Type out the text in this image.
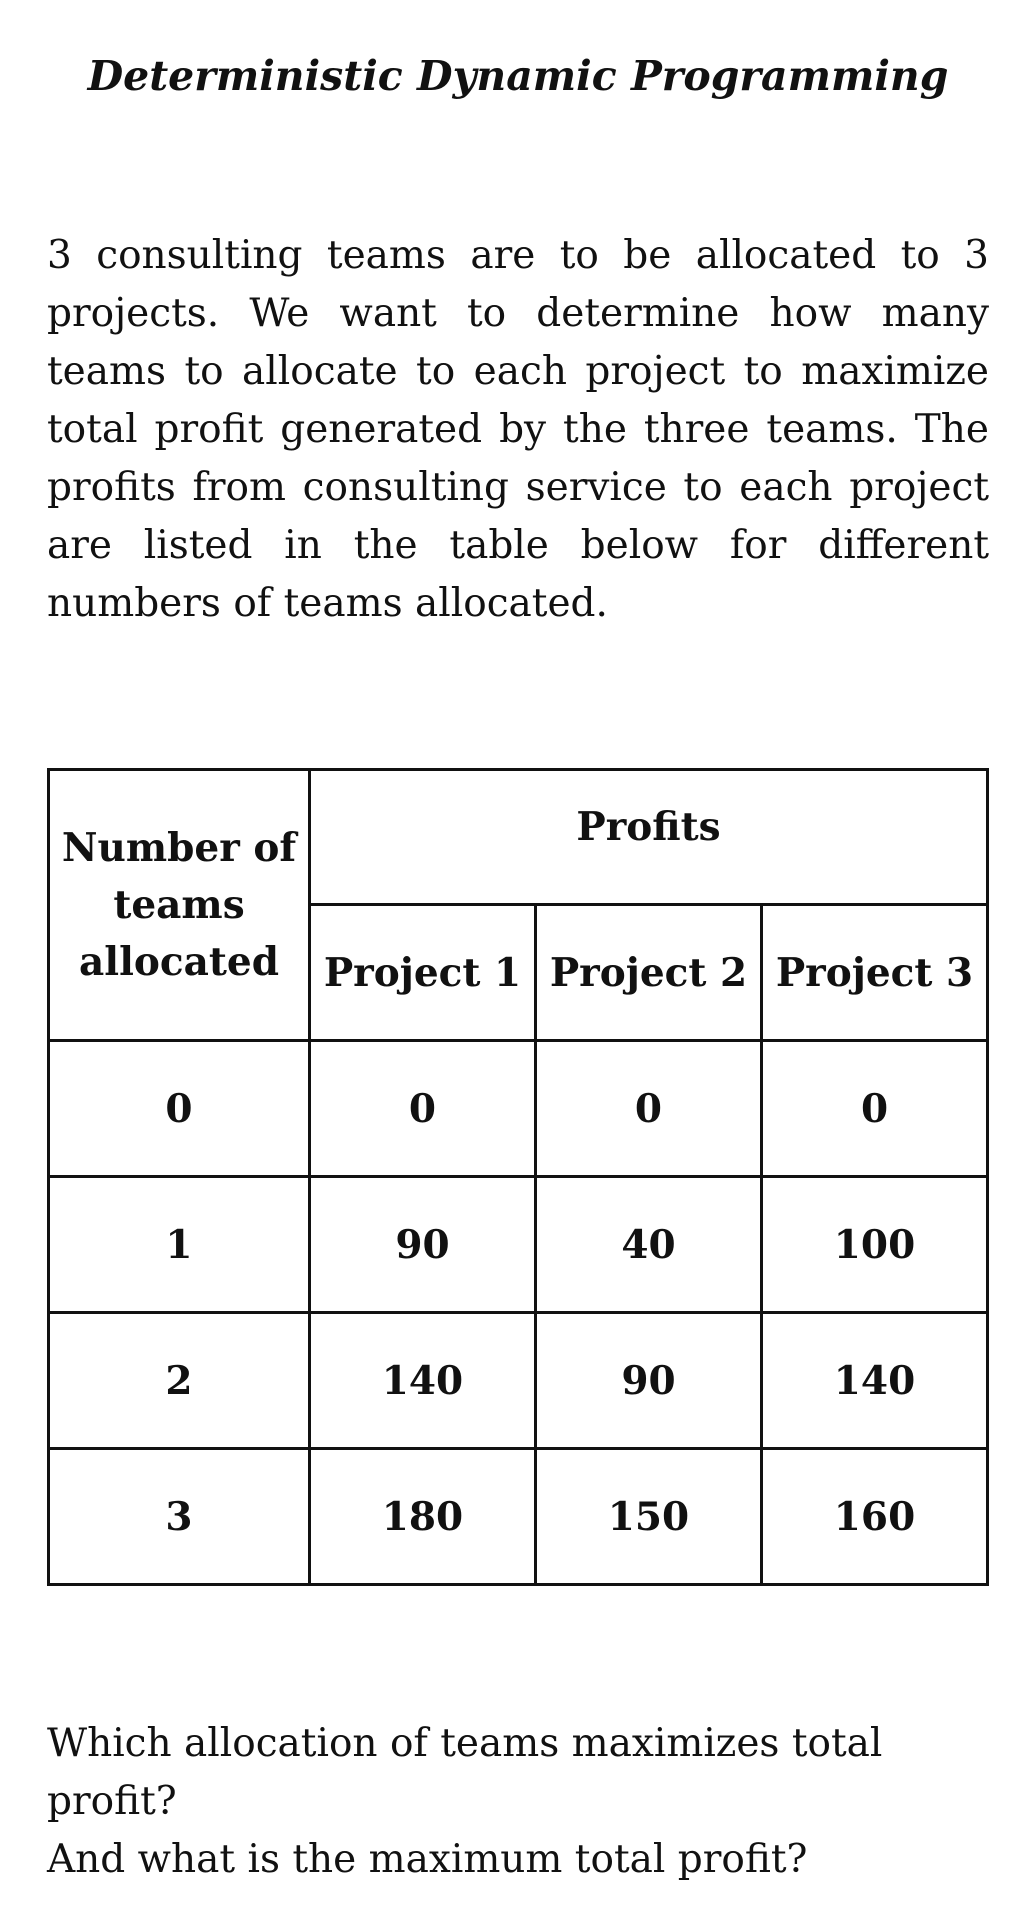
Deterministic Dynamic Programming
3 consulting teams are to be allocated to 3 projects. We want to determine how many teams to allocate to each project to maximize total profit generated by the three teams. The profits from consulting service to each project are listed in the table below for different numbers of teams allocated.
Number of teams allocated	Profits		
	Project 1	Project 2	Project 3
0	0	0	0
1	90	40	100
2	140	90	140
3	180	150	160
Which allocation of teams maximizes total profit?
And what is the maximum total profit?
